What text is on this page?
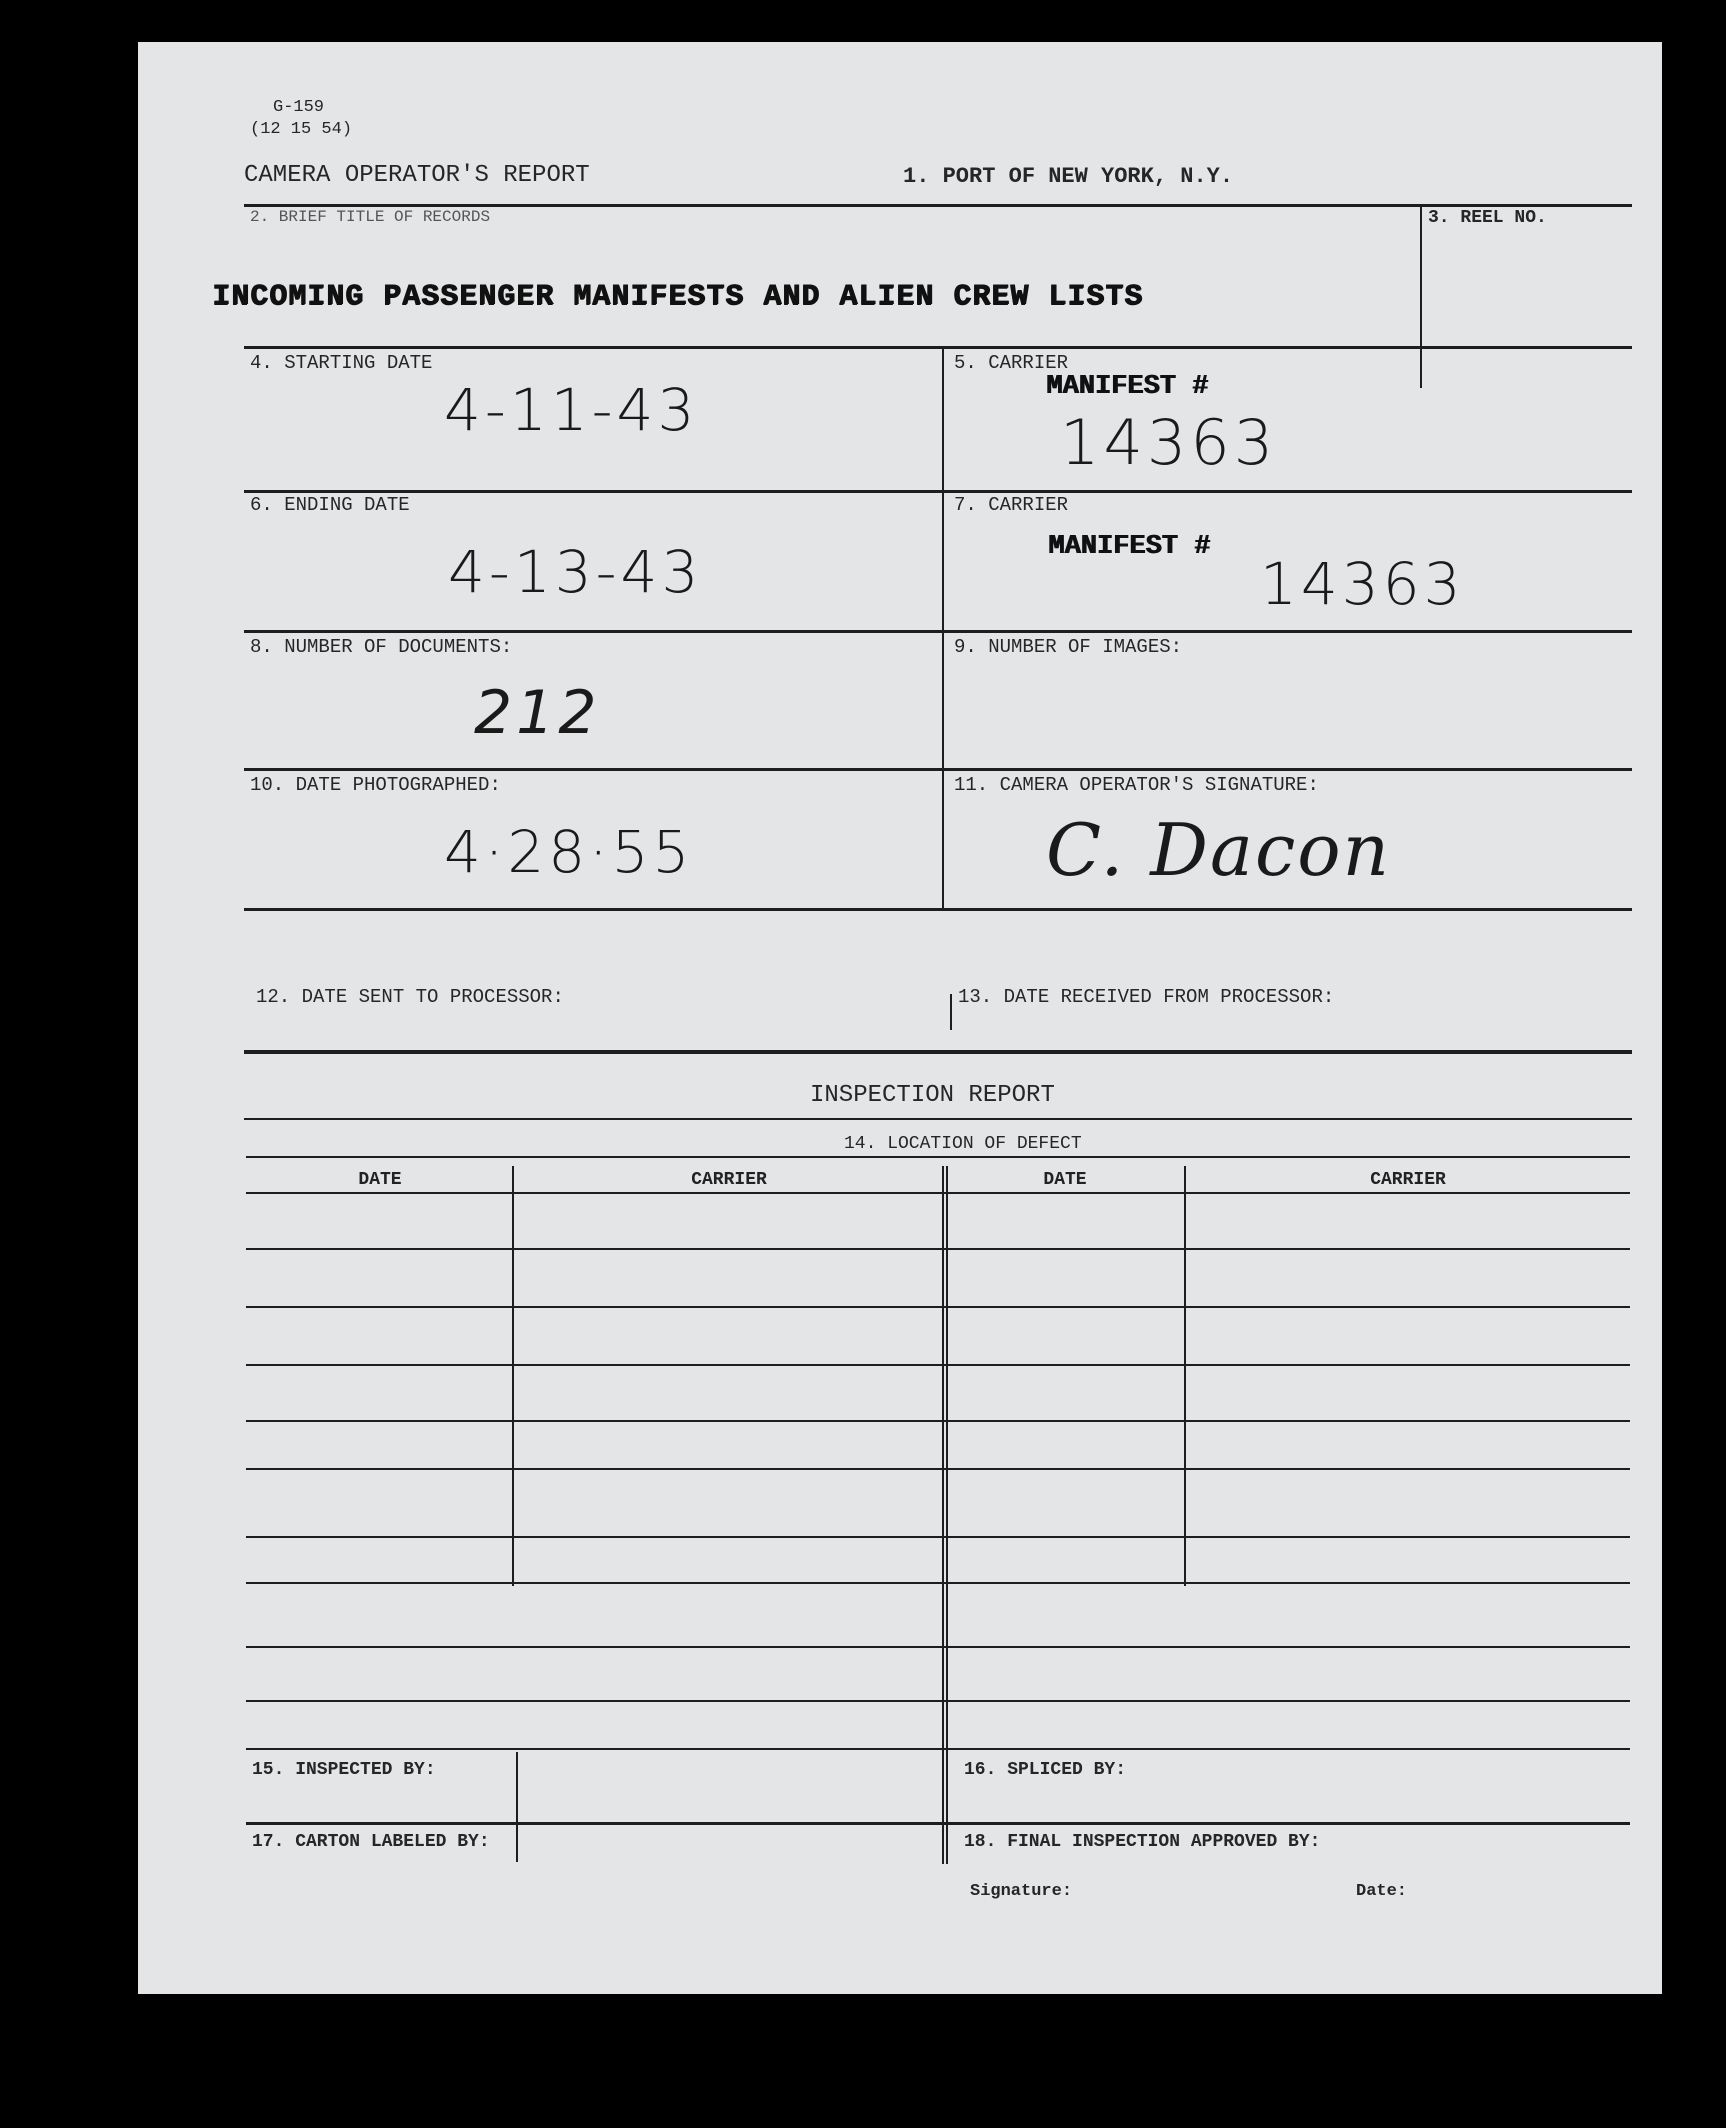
G-159
(12 15 54)
CAMERA OPERATOR'S REPORT	1. PORT OF NEW YORK, N.Y.
2. BRIEF TITLE OF RECORDS
INCOMING PASSENGER MANIFESTS AND ALIEN CREW LISTS
3. REEL NO.
4. STARTING DATE
4-11-43
5. CARRIER
MANIFEST #
14363
6. ENDING DATE
4-13-43
7. CARRIER
MANIFEST #
14363
8. NUMBER OF DOCUMENTS:
212
9. NUMBER OF IMAGES:
10. DATE PHOTOGRAPHED:
4·28·55
11. CAMERA OPERATOR'S SIGNATURE:
C. Dacon
12. DATE SENT TO PROCESSOR:	13. DATE RECEIVED FROM PROCESSOR:
INSPECTION REPORT
14. LOCATION OF DEFECT
DATE	CARRIER	DATE	CARRIER
15. INSPECTED BY:	16. SPLICED BY:
17. CARTON LABELED BY:	18. FINAL INSPECTION APPROVED BY:
Signature:	Date:
